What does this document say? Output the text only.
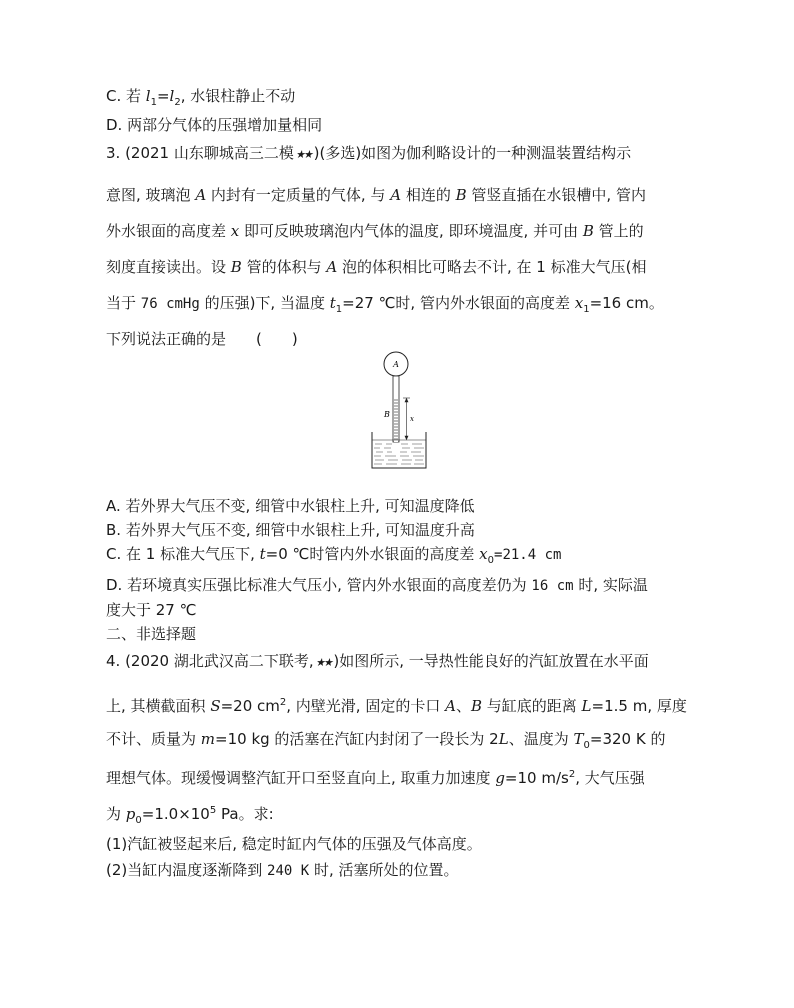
C. 若 $l_1=l_2$, 水银柱静止不动
D. 两部分气体的压强增加量相同
3. (2021 山东聊城高三二模★★)(多选)如图为伽利略设计的一种测温装置结构示
意图, 玻璃泡 A 内封有一定质量的气体, 与 A 相连的 B 管竖直插在水银槽中, 管内
外水银面的高度差 x 即可反映玻璃泡内气体的温度, 即环境温度, 并可由 B 管上的
刻度直接读出。设 B 管的体积与 A 泡的体积相比可略去不计, 在 1 标准大气压(相
当于 76 cmHg 的压强)下, 当温度 $t_1=27$ ℃时, 管内外水银面的高度差 $x_1=16$ cm。
下列说法正确的是　　(　　)
A
B	x
A. 若外界大气压不变, 细管中水银柱上升, 可知温度降低
B. 若外界大气压不变, 细管中水银柱上升, 可知温度升高
C. 在 1 标准大气压下, t=0 ℃时管内外水银面的高度差 $x_0=21.4$ cm
D. 若环境真实压强比标准大气压小, 管内外水银面的高度差仍为 16 cm 时, 实际温
度大于 27 ℃
二、非选择题
4. (2020 湖北武汉高二下联考,★★)如图所示, 一导热性能良好的汽缸放置在水平面
上, 其横截面积 S=20 $cm^2$, 内壁光滑, 固定的卡口 A、B 与缸底的距离 L=1.5 m, 厚度
不计、质量为 m=10 kg 的活塞在汽缸内封闭了一段长为 2L、温度为 $T_0=320$ K 的
理想气体。现缓慢调整汽缸开口至竖直向上, 取重力加速度 g=10 $m/s^2$, 大气压强
为 $p_0=1.0\times 10^5$ Pa。求:
(1)汽缸被竖起来后, 稳定时缸内气体的压强及气体高度。
(2)当缸内温度逐渐降到 240 K 时, 活塞所处的位置。
